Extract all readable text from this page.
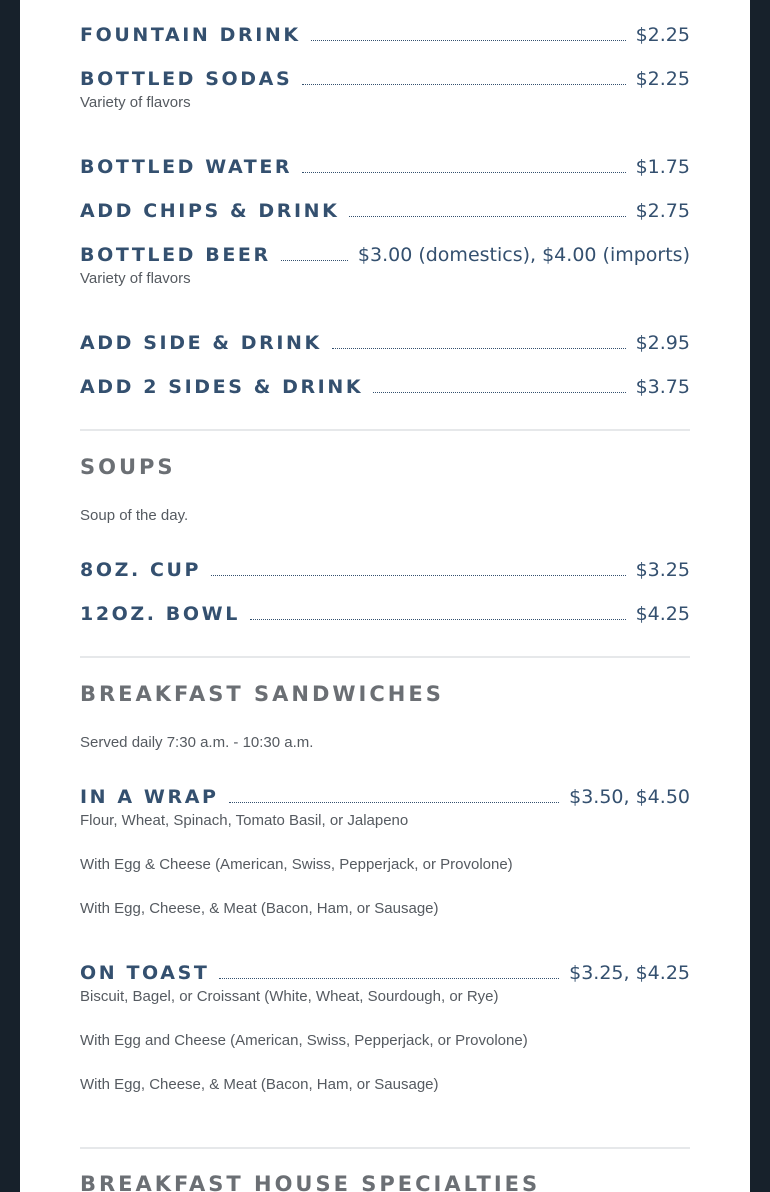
FOUNTAIN DRINK	$2.25
BOTTLED SODAS	$2.25
Variety of flavors
BOTTLED WATER	$1.75
ADD CHIPS & DRINK	$2.75
BOTTLED BEER	$3.00 (domestics), $4.00 (imports)
Variety of flavors
ADD SIDE & DRINK	$2.95
ADD 2 SIDES & DRINK	$3.75
SOUPS
Soup of the day.
8OZ. CUP	$3.25
12OZ. BOWL	$4.25
BREAKFAST SANDWICHES
Served daily 7:30 a.m. - 10:30 a.m.
IN A WRAP	$3.50, $4.50
Flour, Wheat, Spinach, Tomato Basil, or Jalapeno
With Egg & Cheese (American, Swiss, Pepperjack, or Provolone)
With Egg, Cheese, & Meat (Bacon, Ham, or Sausage)
ON TOAST	$3.25, $4.25
Biscuit, Bagel, or Croissant (White, Wheat, Sourdough, or Rye)
With Egg and Cheese (American, Swiss, Pepperjack, or Provolone)
With Egg, Cheese, & Meat (Bacon, Ham, or Sausage)
BREAKFAST HOUSE SPECIALTIES
